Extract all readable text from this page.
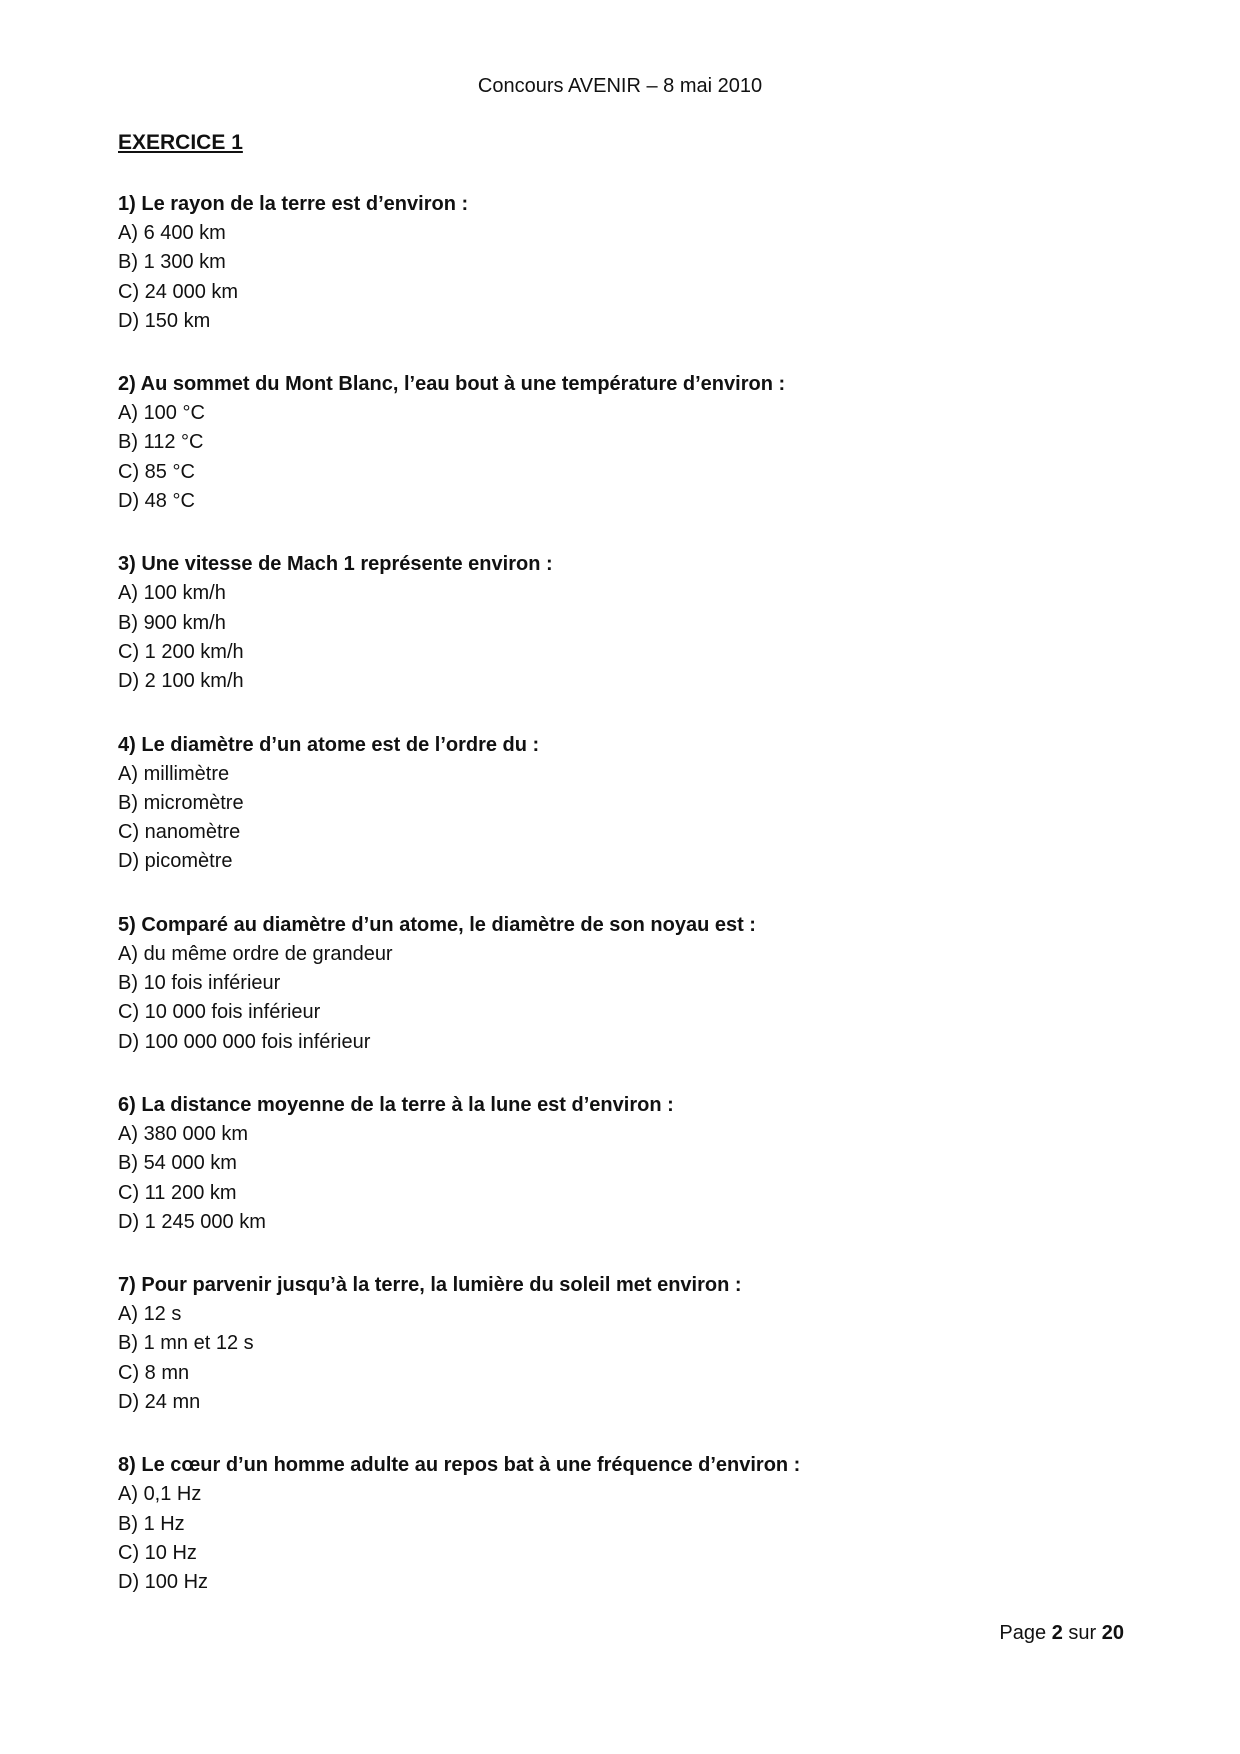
Concours AVENIR – 8 mai 2010
EXERCICE 1
1) Le rayon de la terre est d’environ :
A) 6 400 km
B) 1 300 km
C) 24 000 km
D) 150 km
2) Au sommet du Mont Blanc, l’eau bout à une température d’environ :
A) 100 °C
B) 112 °C
C) 85 °C
D) 48 °C
3) Une vitesse de Mach 1 représente environ :
A) 100 km/h
B) 900 km/h
C) 1 200 km/h
D) 2 100 km/h
4) Le diamètre d’un atome est de l’ordre du :
A) millimètre
B) micromètre
C) nanomètre
D) picomètre
5) Comparé au diamètre d’un atome, le diamètre de son noyau est :
A) du même ordre de grandeur
B) 10 fois inférieur
C) 10 000 fois inférieur
D) 100 000 000 fois inférieur
6) La distance moyenne de la terre à la lune est d’environ :
A) 380 000 km
B) 54 000 km
C) 11 200 km
D) 1 245 000 km
7) Pour parvenir jusqu’à la terre, la lumière du soleil met environ :
A) 12 s
B) 1 mn et 12 s
C) 8 mn
D) 24 mn
8) Le cœur d’un homme adulte au repos bat à une fréquence d’environ :
A) 0,1 Hz
B) 1 Hz
C) 10 Hz
D) 100 Hz
Page 2 sur 20
